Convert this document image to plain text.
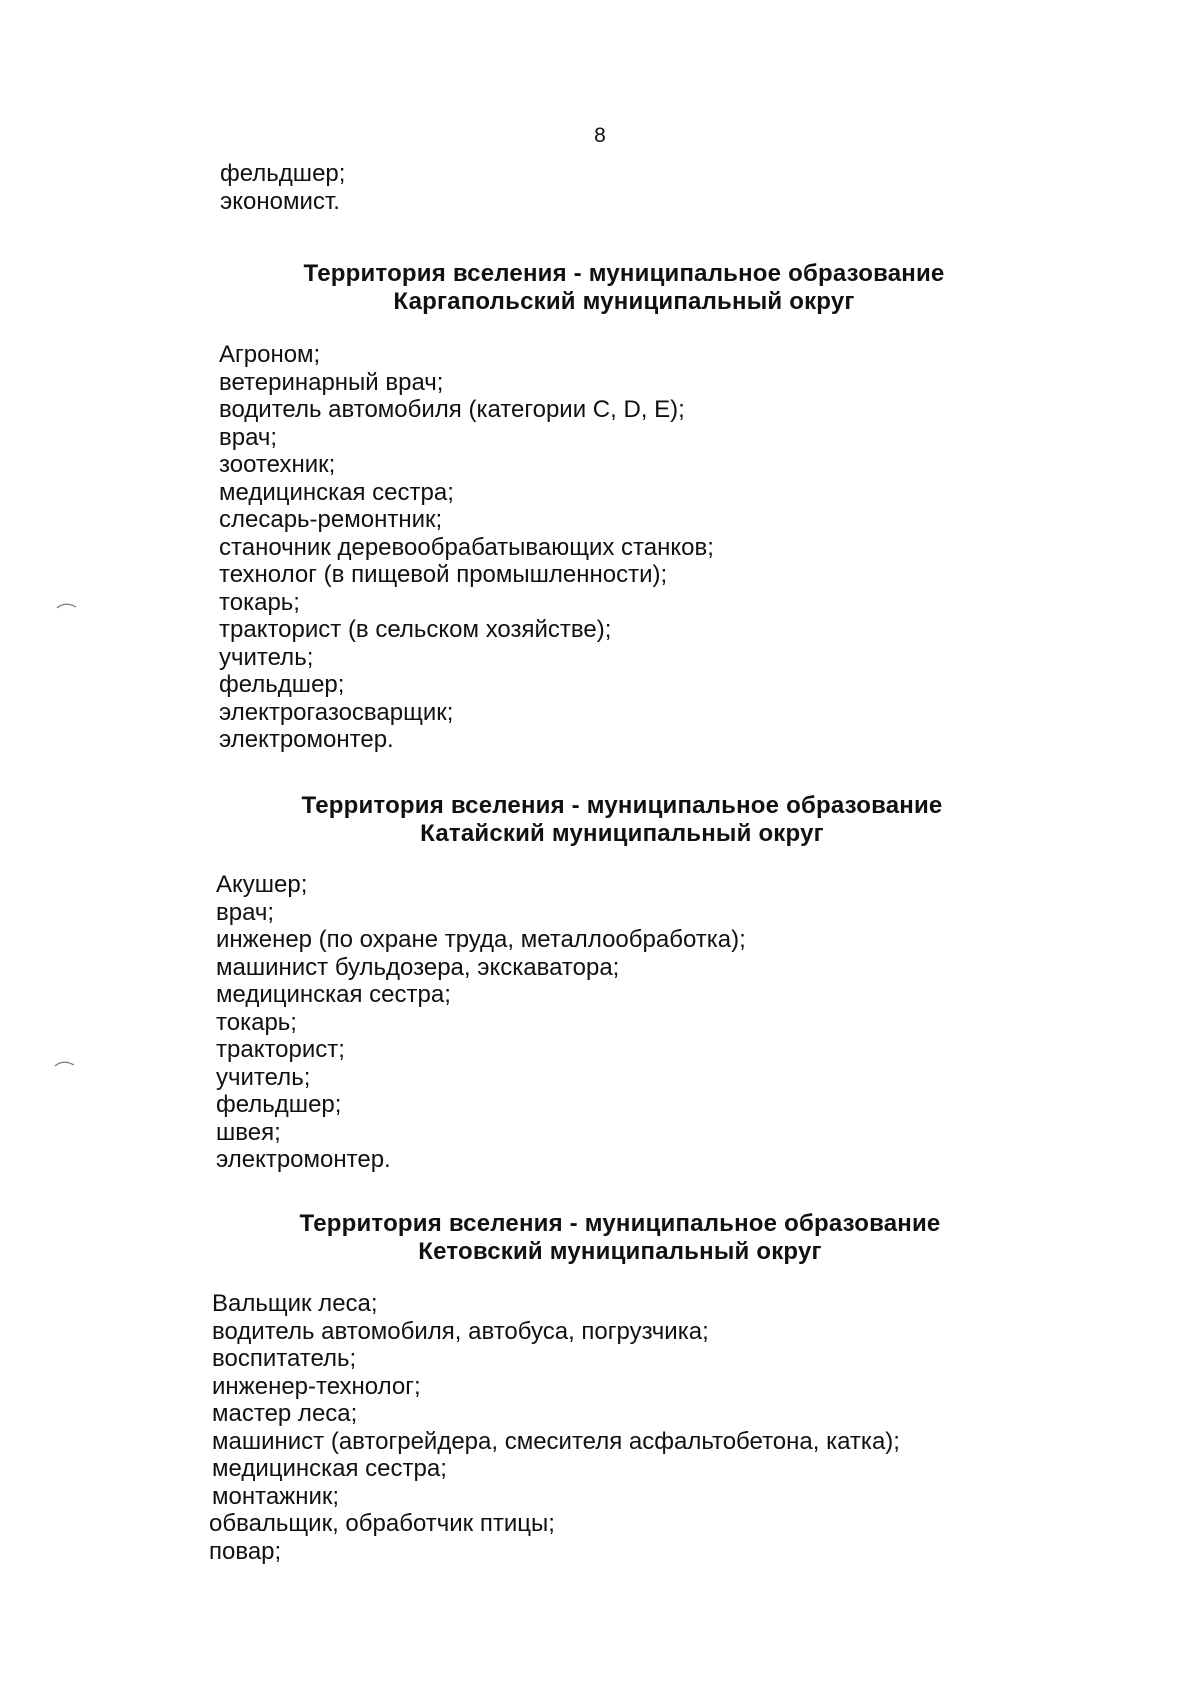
8
фельдшер;
экономист.
Территория вселения - муниципальное образование
Каргапольский муниципальный округ
Агроном;
ветеринарный врач;
водитель автомобиля (категории С, D, E);
врач;
зоотехник;
медицинская сестра;
слесарь-ремонтник;
станочник деревообрабатывающих станков;
технолог (в пищевой промышленности);
токарь;
тракторист (в сельском хозяйстве);
учитель;
фельдшер;
электрогазосварщик;
электромонтер.
Территория вселения - муниципальное образование
Катайский муниципальный округ
Акушер;
врач;
инженер (по охране труда, металлообработка);
машинист бульдозера, экскаватора;
медицинская сестра;
токарь;
тракторист;
учитель;
фельдшер;
швея;
электромонтер.
Территория вселения - муниципальное образование
Кетовский муниципальный округ
Вальщик леса;
водитель автомобиля, автобуса, погрузчика;
воспитатель;
инженер-технолог;
мастер леса;
машинист (автогрейдера, смесителя асфальтобетона, катка);
медицинская сестра;
монтажник;
обвальщик, обработчик птицы;
повар;
